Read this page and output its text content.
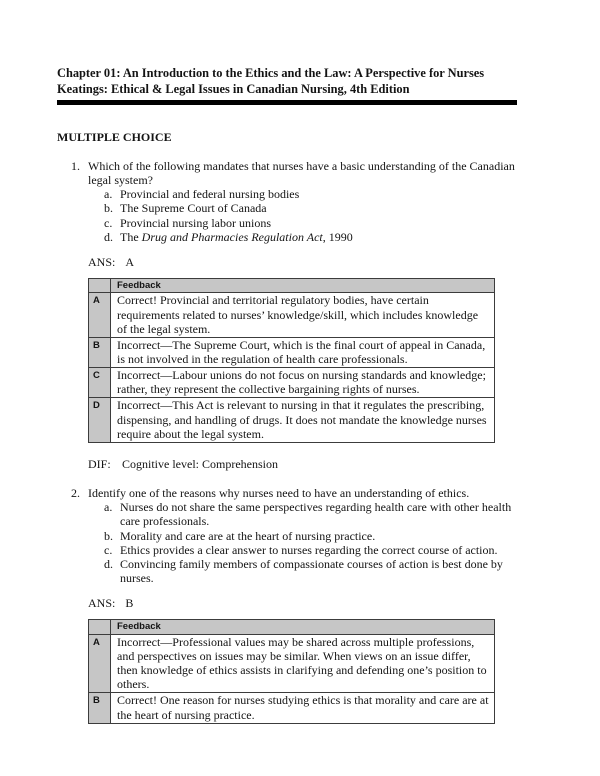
Chapter 01: An Introduction to the Ethics and the Law: A Perspective for Nurses
Keatings: Ethical & Legal Issues in Canadian Nursing, 4th Edition
MULTIPLE CHOICE
1. Which of the following mandates that nurses have a basic understanding of the Canadian legal system?
a. Provincial and federal nursing bodies
b. The Supreme Court of Canada
c. Provincial nursing labor unions
d. The Drug and Pharmacies Regulation Act, 1990
ANS: A
	Feedback
A	Correct! Provincial and territorial regulatory bodies, have certain requirements related to nurses’ knowledge/skill, which includes knowledge of the legal system.
B	Incorrect—The Supreme Court, which is the final court of appeal in Canada, is not involved in the regulation of health care professionals.
C	Incorrect—Labour unions do not focus on nursing standards and knowledge; rather, they represent the collective bargaining rights of nurses.
D	Incorrect—This Act is relevant to nursing in that it regulates the prescribing, dispensing, and handling of drugs. It does not mandate the knowledge nurses require about the legal system.
DIF: Cognitive level: Comprehension
2. Identify one of the reasons why nurses need to have an understanding of ethics.
a. Nurses do not share the same perspectives regarding health care with other health care professionals.
b. Morality and care are at the heart of nursing practice.
c. Ethics provides a clear answer to nurses regarding the correct course of action.
d. Convincing family members of compassionate courses of action is best done by nurses.
ANS: B
	Feedback
A	Incorrect—Professional values may be shared across multiple professions, and perspectives on issues may be similar. When views on an issue differ, then knowledge of ethics assists in clarifying and defending one’s position to others.
B	Correct! One reason for nurses studying ethics is that morality and care are at the heart of nursing practice.
